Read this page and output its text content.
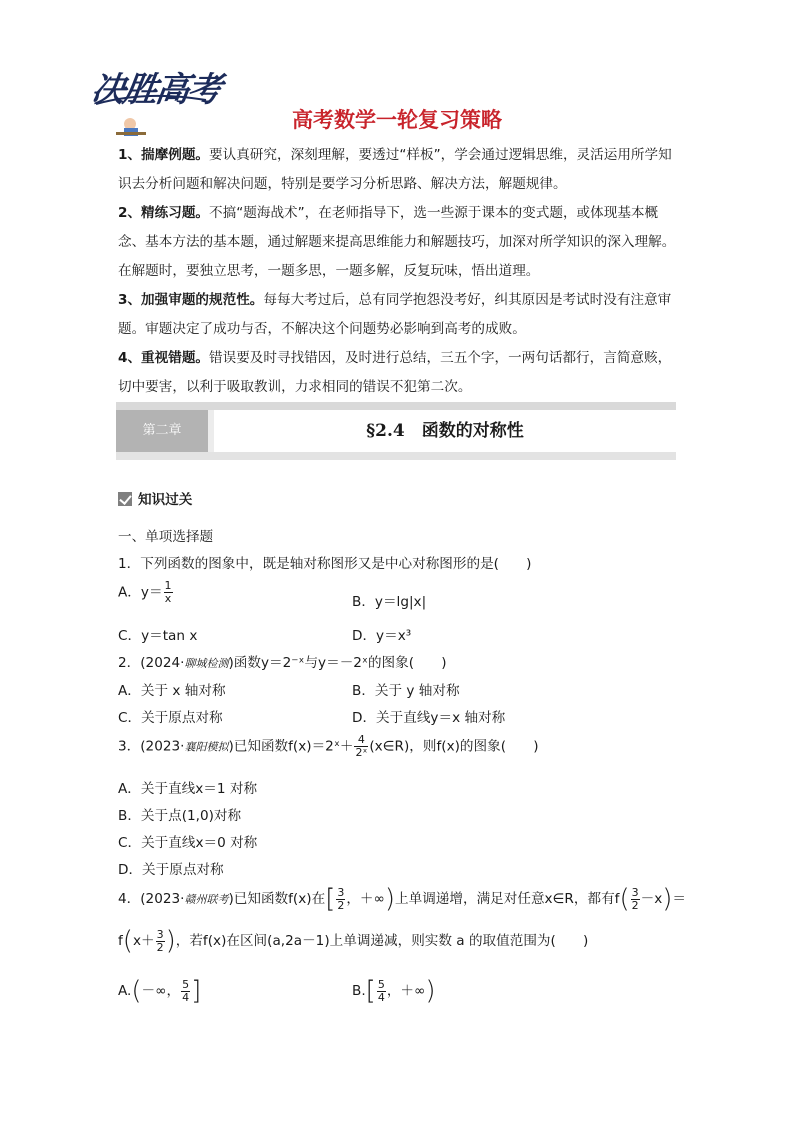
决胜高考
高考数学一轮复习策略
1、揣摩例题。要认真研究，深刻理解，要透过“样板”，学会通过逻辑思维，灵活运用所学知识去分析问题和解决问题，特别是要学习分析思路、解决方法，解题规律。
2、精练习题。不搞“题海战术”，在老师指导下，选一些源于课本的变式题，或体现基本概念、基本方法的基本题，通过解题来提高思维能力和解题技巧，加深对所学知识的深入理解。在解题时，要独立思考，一题多思，一题多解，反复玩味，悟出道理。
3、加强审题的规范性。每每大考过后，总有同学抱怨没考好，纠其原因是考试时没有注意审题。审题决定了成功与否，不解决这个问题势必影响到高考的成败。
4、重视错题。错误要及时寻找错因，及时进行总结，三五个字，一两句话都行，言简意赅，切中要害，以利于吸取教训，力求相同的错误不犯第二次。
第二章	§2.4　函数的对称性
知识过关
一、单项选择题
1．下列函数的图象中，既是轴对称图形又是中心对称图形的是(　　)
A．$y= \frac{1}{x}$	B．y＝lg|x|
C．y＝tan x	D．y＝x³
2．(2024·聊城检测)函数y＝2⁻ˣ与y＝－2ˣ的图象(　　)
A．关于 x 轴对称	B．关于 y 轴对称
C．关于原点对称	D．关于直线y＝x 轴对称
3．(2023·襄阳模拟)已知函数f(x)＝2ˣ＋ $\frac{4}{\text{2ˣ}}$ (x∈R)，则f(x)的图象(　　)
A．关于直线x＝1 对称
B．关于点(1,0)对称
C．关于直线x＝0 对称
D．关于原点对称
4．(2023·赣州联考)已知函数f(x)在[ $\frac{3}{2}$ ，＋∞)上单调递增，满足对任意x∈R，都有$f( \frac{3}{2} -x)=$
$f(x+ \frac{3}{2}$ )，若f(x)在区间(a,2a－1)上单调递减，则实数 a 的取值范围为(　　)
A.(－∞， $\frac{5}{4}$ ]	$B.[ \frac{5}{4}$ ，＋∞)
